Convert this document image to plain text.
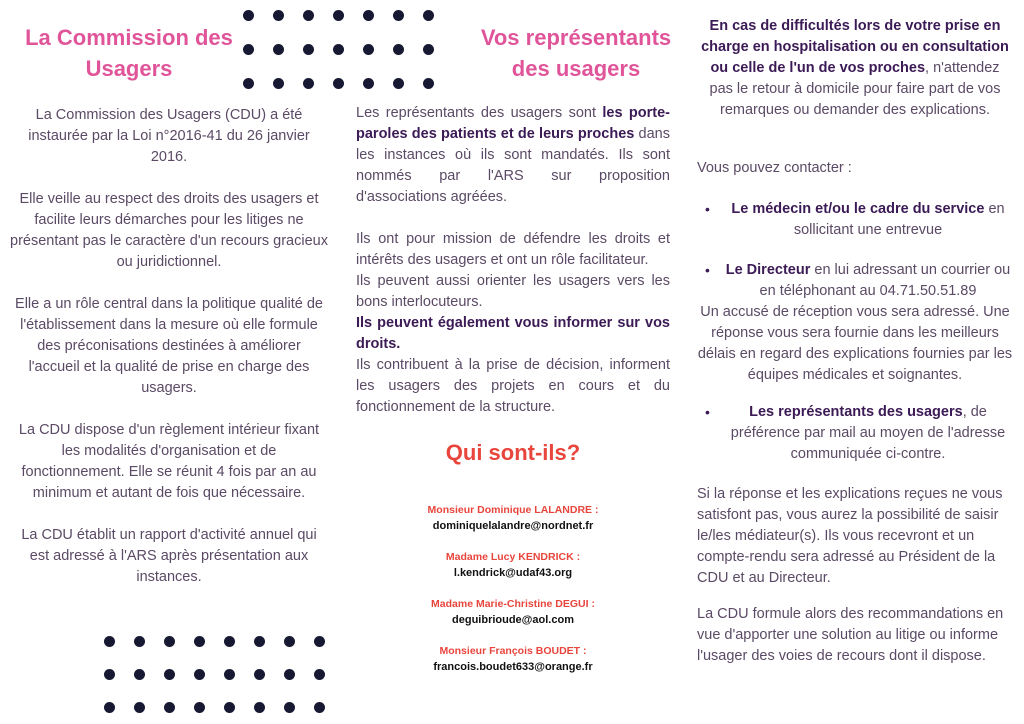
La Commission des
Usagers

La Commission des Usagers (CDU) a été instaurée par la Loi n°2016-41 du 26 janvier 2016.

Elle veille au respect des droits des usagers et facilite leurs démarches pour les litiges ne présentant pas le caractère d'un recours gracieux ou juridictionnel.

Elle a un rôle central dans la politique qualité de l'établissement dans la mesure où elle formule des préconisations destinées à améliorer l'accueil et la qualité de prise en charge des usagers.

La CDU dispose d'un règlement intérieur fixant les modalités d'organisation et de fonctionnement. Elle se réunit 4 fois par an au minimum et autant de fois que nécessaire.

La CDU établit un rapport d'activité annuel qui est adressé à l'ARS après présentation aux instances.

Vos représentants
des usagers

Les représentants des usagers sont les porte-paroles des patients et de leurs proches dans les instances où ils sont mandatés. Ils sont nommés par l'ARS sur proposition d'associations agréées.

Ils ont pour mission de défendre les droits et intérêts des usagers et ont un rôle facilitateur.

Ils peuvent aussi orienter les usagers vers les bons interlocuteurs.

Ils peuvent également vous informer sur vos droits.

Ils contribuent à la prise de décision, informent les usagers des projets en cours et du fonctionnement de la structure.

Qui sont-ils?
Monsieur Dominique LALANDRE :
dominiquelalandre@nordnet.fr
Madame Lucy KENDRICK :
l.kendrick@udaf43.org
Madame Marie-Christine DEGUI :
deguibrioude@aol.com
Monsieur François BOUDET :
francois.boudet633@orange.fr
En cas de difficultés lors de votre prise en charge en hospitalisation ou en consultation ou celle de l'un de vos proches, n'attendez pas le retour à domicile pour faire part de vos remarques ou demander des explications.
Vous pouvez contacter :
•	Le médecin et/ou le cadre du service en sollicitant une entrevue
•	Le Directeur en lui adressant un courrier ou en téléphonant au 04.71.50.51.89

Un accusé de réception vous sera adressé. Une réponse vous sera fournie dans les meilleurs délais en regard des explications fournies par les équipes médicales et soignantes.

•	Les représentants des usagers, de préférence par mail au moyen de l'adresse communiquée ci-contre.
Si la réponse et les explications reçues ne vous satisfont pas, vous aurez la possibilité de saisir le/les médiateur(s). Ils vous recevront et un compte-rendu sera adressé au Président de la CDU et au Directeur.
La CDU formule alors des recommandations en vue d'apporter une solution au litige ou informe l'usager des voies de recours dont il dispose.
